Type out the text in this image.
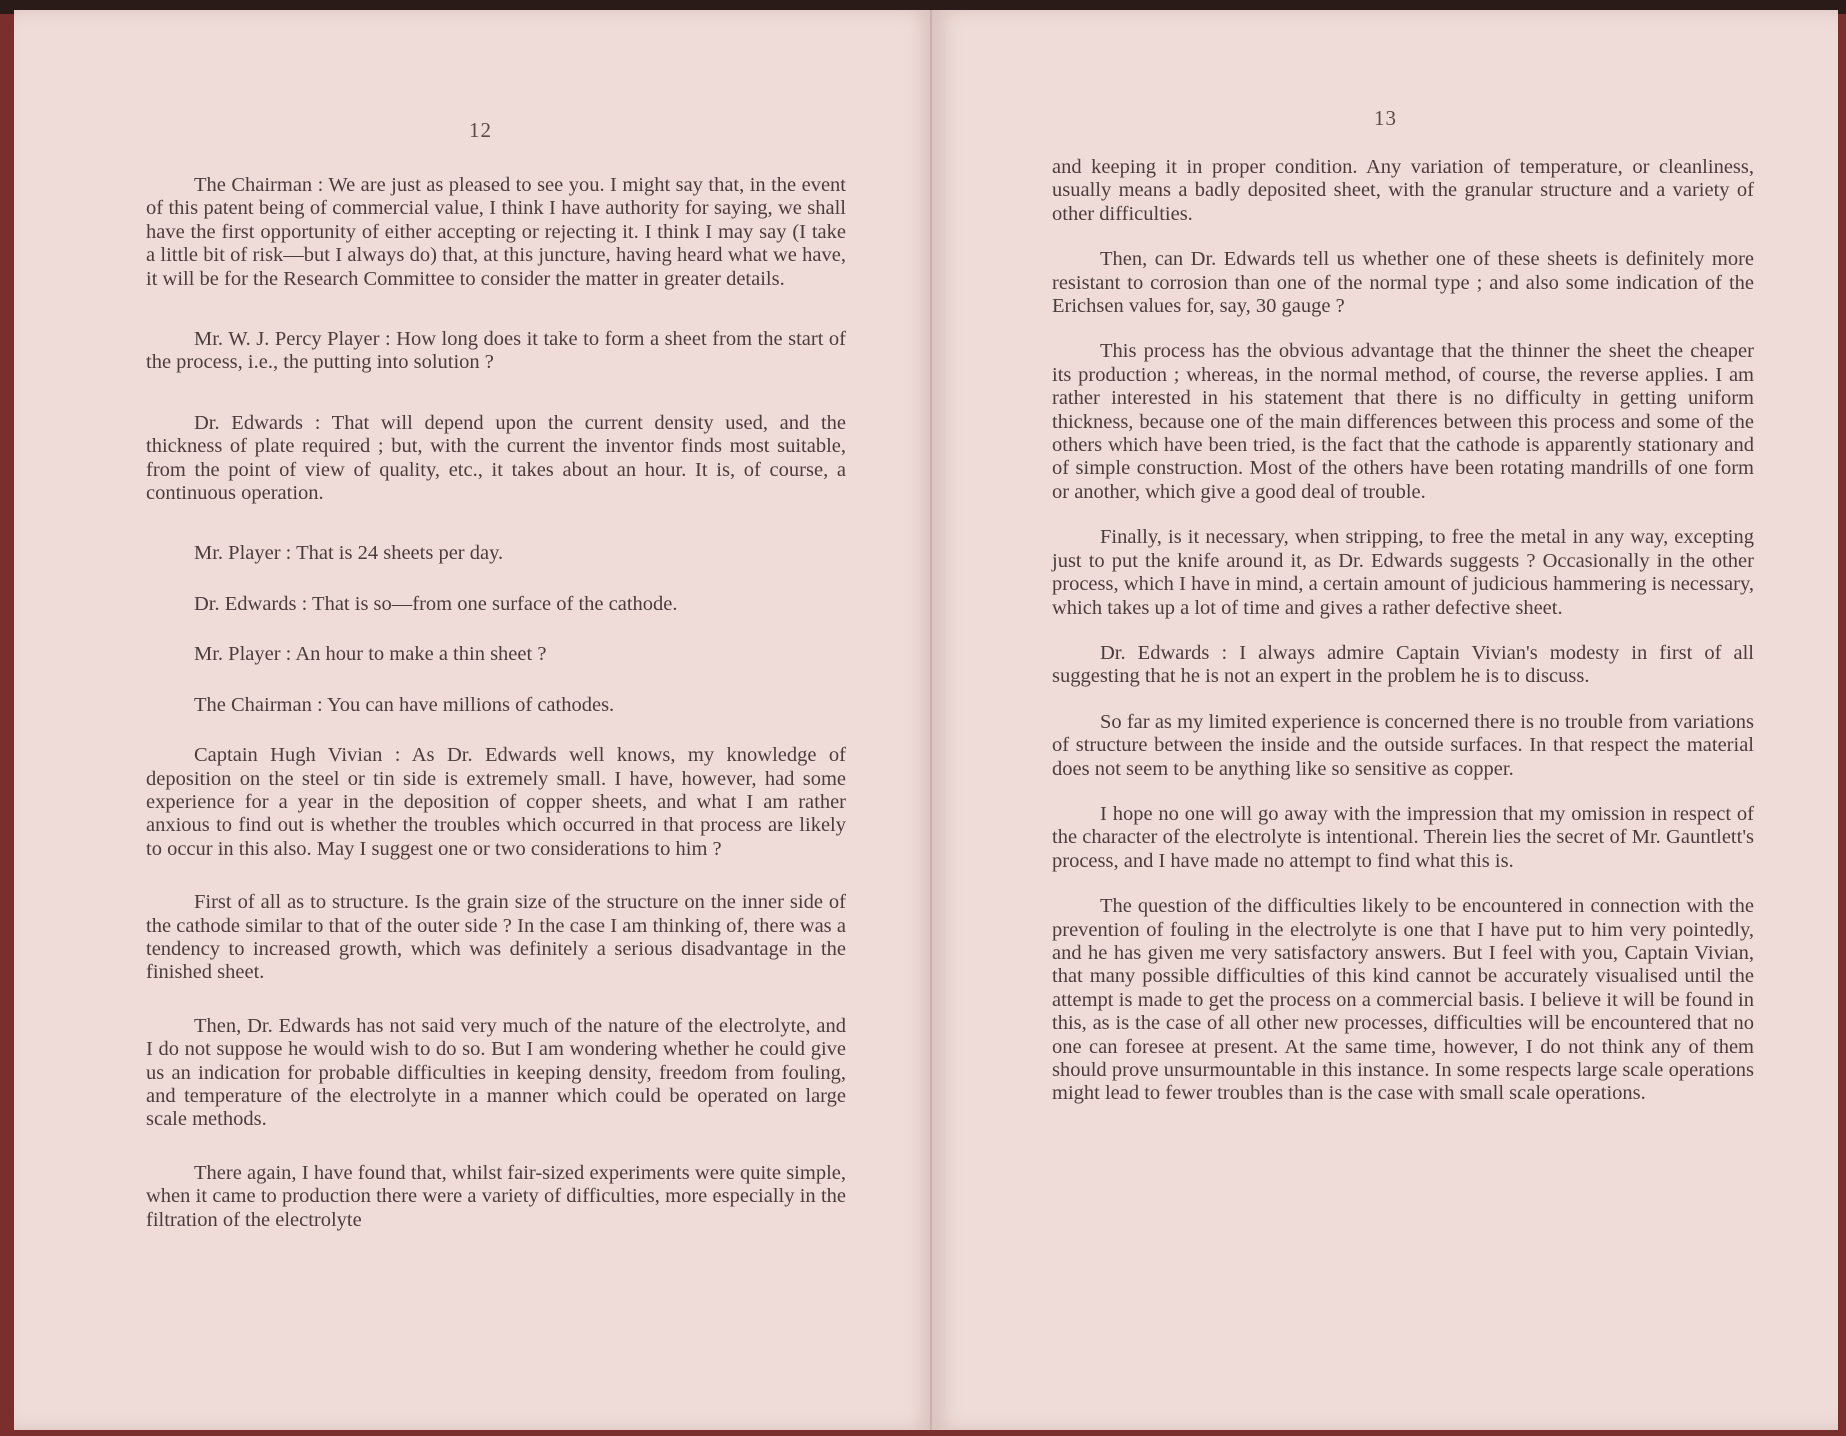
12

The Chairman : We are just as pleased to see you. I might say that, in the event of this patent being of commercial value, I think I have authority for saying, we shall have the first opportunity of either accepting or rejecting it. I think I may say (I take a little bit of risk—but I always do) that, at this juncture, having heard what we have, it will be for the Research Committee to consider the matter in greater details.

Mr. W. J. Percy Player : How long does it take to form a sheet from the start of the process, i.e., the putting into solution ?

Dr. Edwards : That will depend upon the current density used, and the thickness of plate required ; but, with the current the inventor finds most suitable, from the point of view of quality, etc., it takes about an hour. It is, of course, a continuous operation.

Mr. Player : That is 24 sheets per day.

Dr. Edwards : That is so—from one surface of the cathode.

Mr. Player : An hour to make a thin sheet ?

The Chairman : You can have millions of cathodes.

Captain Hugh Vivian : As Dr. Edwards well knows, my knowledge of deposition on the steel or tin side is extremely small. I have, however, had some experience for a year in the deposition of copper sheets, and what I am rather anxious to find out is whether the troubles which occurred in that process are likely to occur in this also. May I suggest one or two considerations to him ?

First of all as to structure. Is the grain size of the structure on the inner side of the cathode similar to that of the outer side ? In the case I am thinking of, there was a tendency to increased growth, which was definitely a serious disadvantage in the finished sheet.

Then, Dr. Edwards has not said very much of the nature of the electrolyte, and I do not suppose he would wish to do so. But I am wondering whether he could give us an indication for probable difficulties in keeping density, freedom from fouling, and temperature of the electrolyte in a manner which could be operated on large scale methods.

There again, I have found that, whilst fair-sized experiments were quite simple, when it came to production there were a variety of difficulties, more especially in the filtration of the electrolyte

13

and keeping it in proper condition. Any variation of temperature, or cleanliness, usually means a badly deposited sheet, with the granular structure and a variety of other difficulties.

Then, can Dr. Edwards tell us whether one of these sheets is definitely more resistant to corrosion than one of the normal type ; and also some indication of the Erichsen values for, say, 30 gauge ?

This process has the obvious advantage that the thinner the sheet the cheaper its production ; whereas, in the normal method, of course, the reverse applies. I am rather interested in his statement that there is no difficulty in getting uniform thickness, because one of the main differences between this process and some of the others which have been tried, is the fact that the cathode is apparently stationary and of simple construction. Most of the others have been rotating mandrills of one form or another, which give a good deal of trouble.

Finally, is it necessary, when stripping, to free the metal in any way, excepting just to put the knife around it, as Dr. Edwards suggests ? Occasionally in the other process, which I have in mind, a certain amount of judicious hammering is necessary, which takes up a lot of time and gives a rather defective sheet.

Dr. Edwards : I always admire Captain Vivian's modesty in first of all suggesting that he is not an expert in the problem he is to discuss.

So far as my limited experience is concerned there is no trouble from variations of structure between the inside and the outside surfaces. In that respect the material does not seem to be anything like so sensitive as copper.

I hope no one will go away with the impression that my omission in respect of the character of the electrolyte is intentional. Therein lies the secret of Mr. Gauntlett's process, and I have made no attempt to find what this is.

The question of the difficulties likely to be encountered in connection with the prevention of fouling in the electrolyte is one that I have put to him very pointedly, and he has given me very satisfactory answers. But I feel with you, Captain Vivian, that many possible difficulties of this kind cannot be accurately visualised until the attempt is made to get the process on a commercial basis. I believe it will be found in this, as is the case of all other new processes, difficulties will be encountered that no one can foresee at present. At the same time, however, I do not think any of them should prove unsurmountable in this instance. In some respects large scale operations might lead to fewer troubles than is the case with small scale operations.
